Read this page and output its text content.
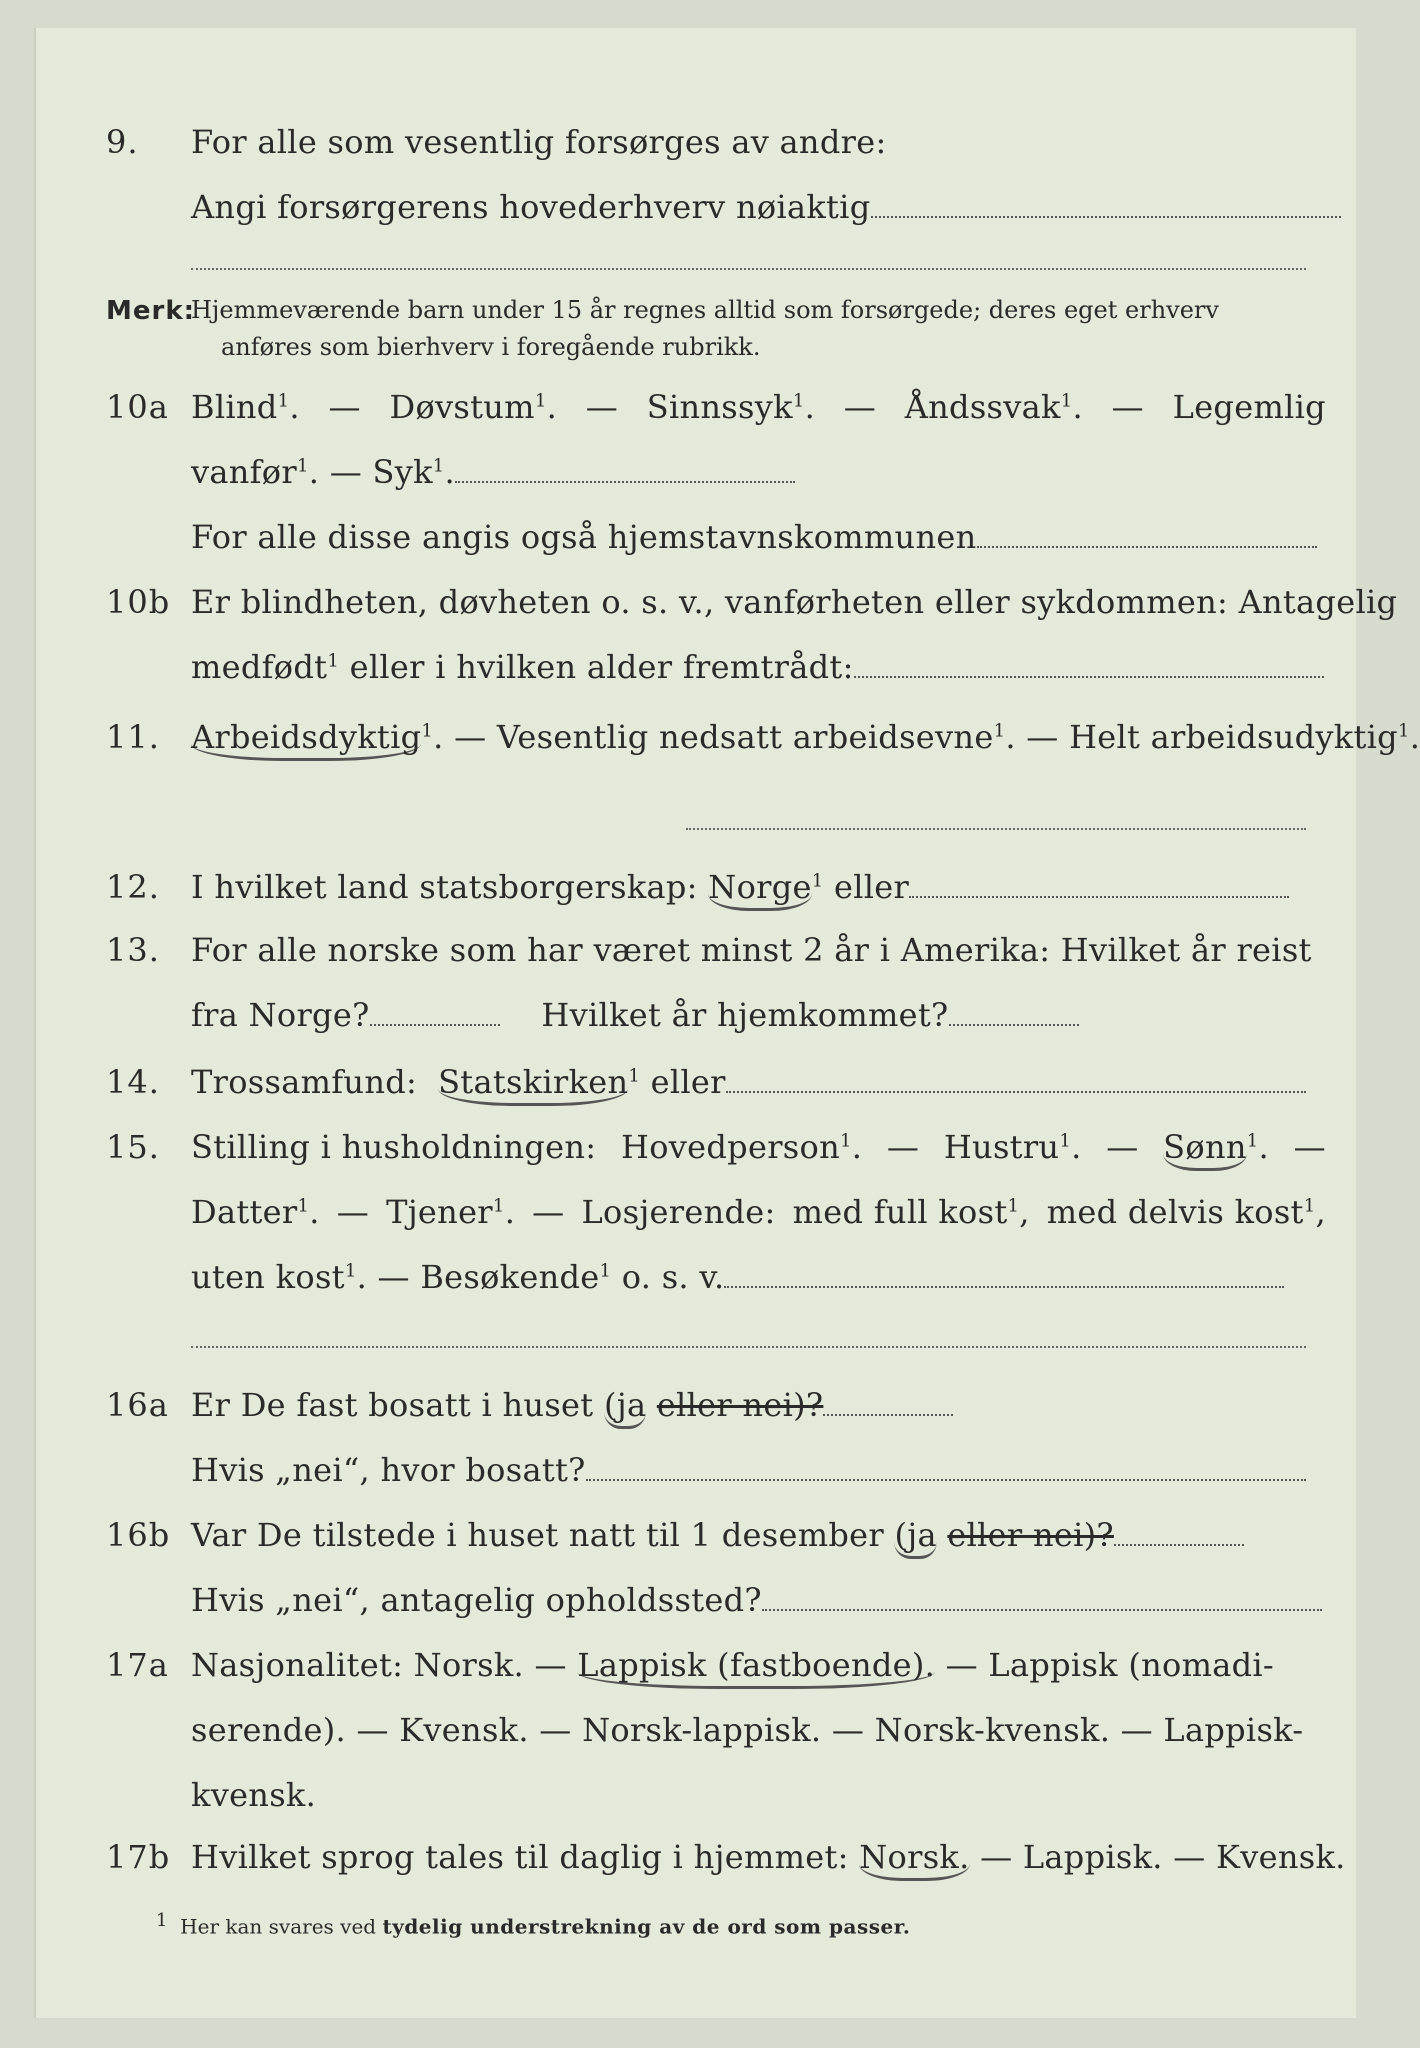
9. For alle som vesentlig forsørges av andre:
Angi forsørgerens hovederhverv nøiaktig
Merk:
Hjemmeværende barn under 15 år regnes alltid som forsørgede; deres eget erhverv
anføres som bierhverv i foregående rubrikk.
10a Blind$^1$. — Døvstum$^1$. — Sinnssyk$^1$. — Åndssvak$^1$. — Legemlig
vanfør$^1$. — Syk$^1$.
For alle disse angis også hjemstavnskommunen
10b Er blindheten, døvheten o. s. v., vanførheten eller sykdommen: Antagelig
medfødt$^1$ eller i hvilken alder fremtrådt:
11. Arbeidsdyktig$^1$. — Vesentlig nedsatt arbeidsevne$^1$. — Helt arbeidsudyktig$^1$.
12. I hvilket land statsborgerskap: Norge$^1$ eller
13. For alle norske som har været minst 2 år i Amerika: Hvilket år reist
fra Norge?	Hvilket år hjemkommet?
14. Trossamfund: Statskirken$^1$ eller
15. Stilling i husholdningen: Hovedperson$^1$. — Hustru$^1$. — Sønn$^1$. —
Datter$^1$. — Tjener$^1$. — Losjerende: med full kost$^1$, med delvis kost$^1$,
uten kost$^1$. — Besøkende$^1$ o. s. v.
16a Er De fast bosatt i huset (ja eller nei)?
Hvis „nei“, hvor bosatt?
16b Var De tilstede i huset natt til 1 desember (ja eller nei)?
Hvis „nei“, antagelig opholdssted?
17a Nasjonalitet: Norsk. — Lappisk (fastboende). — Lappisk (nomadi-
serende). — Kvensk. — Norsk-lappisk. — Norsk-kvensk. — Lappisk-
kvensk.
17b Hvilket sprog tales til daglig i hjemmet: Norsk. — Lappisk. — Kvensk.
$^1$ Her kan svares ved tydelig understrekning av de ord som passer.
